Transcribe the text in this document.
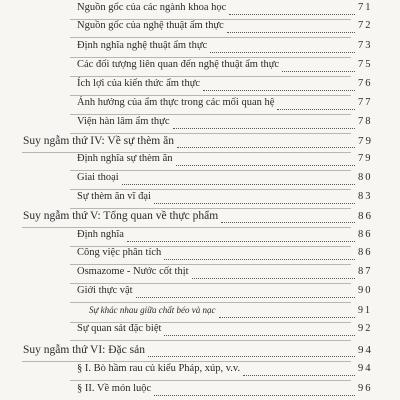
Nguồn gốc của các ngành khoa học	71
Nguồn gốc của nghệ thuật ẩm thực	72
Định nghĩa nghệ thuật ẩm thực	73
Các đối tượng liên quan đến nghệ thuật ẩm thực	75
Ích lợi của kiến thức ẩm thực	76
Ảnh hưởng của ẩm thực trong các mối quan hệ	77
Viện hàn lâm ẩm thực	78
Suy ngẫm thứ IV: Về sự thèm ăn	79
Định nghĩa sự thèm ăn	79
Giai thoại	80
Sự thèm ăn vĩ đại	83
Suy ngẫm thứ V: Tổng quan về thực phẩm	86
Định nghĩa	86
Công việc phân tích	86
Osmazome - Nước cốt thịt	87
Giới thực vật	90
Sự khác nhau giữa chất béo và nạc	91
Sự quan sát đặc biệt	92
Suy ngẫm thứ VI: Đặc sản	94
§ I. Bò hầm rau củ kiểu Pháp, xúp, v.v.	94
§ II. Về món luộc	96
